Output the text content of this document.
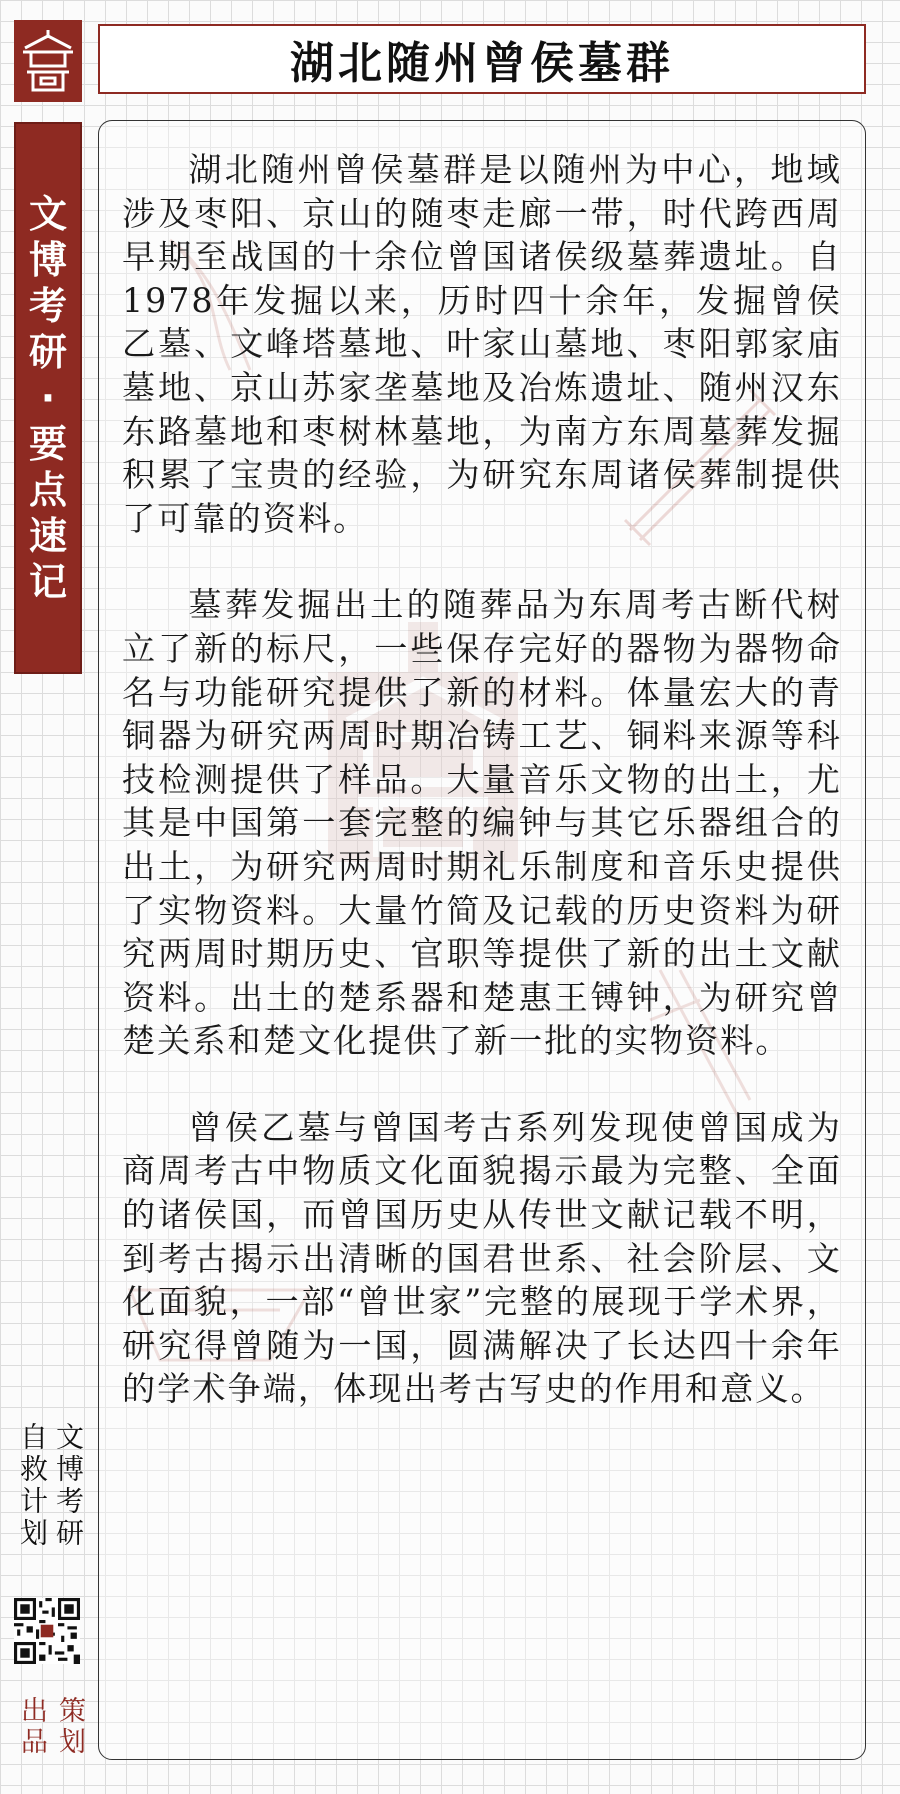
文
博
考
研
·
要
点
速
记
湖北随州曾侯墓群

湖北随州曾侯墓群是以随州为中心，地域涉及枣阳、京山的随枣走廊一带，时代跨西周早期至战国的十余位曾国诸侯级墓葬遗址。自1978年发掘以来，历时四十余年，发掘曾侯乙墓、文峰塔墓地、叶家山墓地、枣阳郭家庙墓地、京山苏家垄墓地及冶炼遗址、随州汉东东路墓地和枣树林墓地，为南方东周墓葬发掘积累了宝贵的经验，为研究东周诸侯葬制提供了可靠的资料。

墓葬发掘出土的随葬品为东周考古断代树立了新的标尺，一些保存完好的器物为器物命名与功能研究提供了新的材料。体量宏大的青铜器为研究两周时期冶铸工艺、铜料来源等科技检测提供了样品。大量音乐文物的出土，尤其是中国第一套完整的编钟与其它乐器组合的出土，为研究两周时期礼乐制度和音乐史提供了实物资料。大量竹简及记载的历史资料为研究两周时期历史、官职等提供了新的出土文献资料。出土的楚系器和楚惠王镈钟，为研究曾楚关系和楚文化提供了新一批的实物资料。

曾侯乙墓与曾国考古系列发现使曾国成为商周考古中物质文化面貌揭示最为完整、全面的诸侯国，而曾国历史从传世文献记载不明，到考古揭示出清晰的国君世系、社会阶层、文化面貌，一部“曾世家”完整的展现于学术界，研究得曾随为一国，圆满解决了长达四十余年的学术争端，体现出考古写史的作用和意义。

文博考研
自救计划
策划
出品
